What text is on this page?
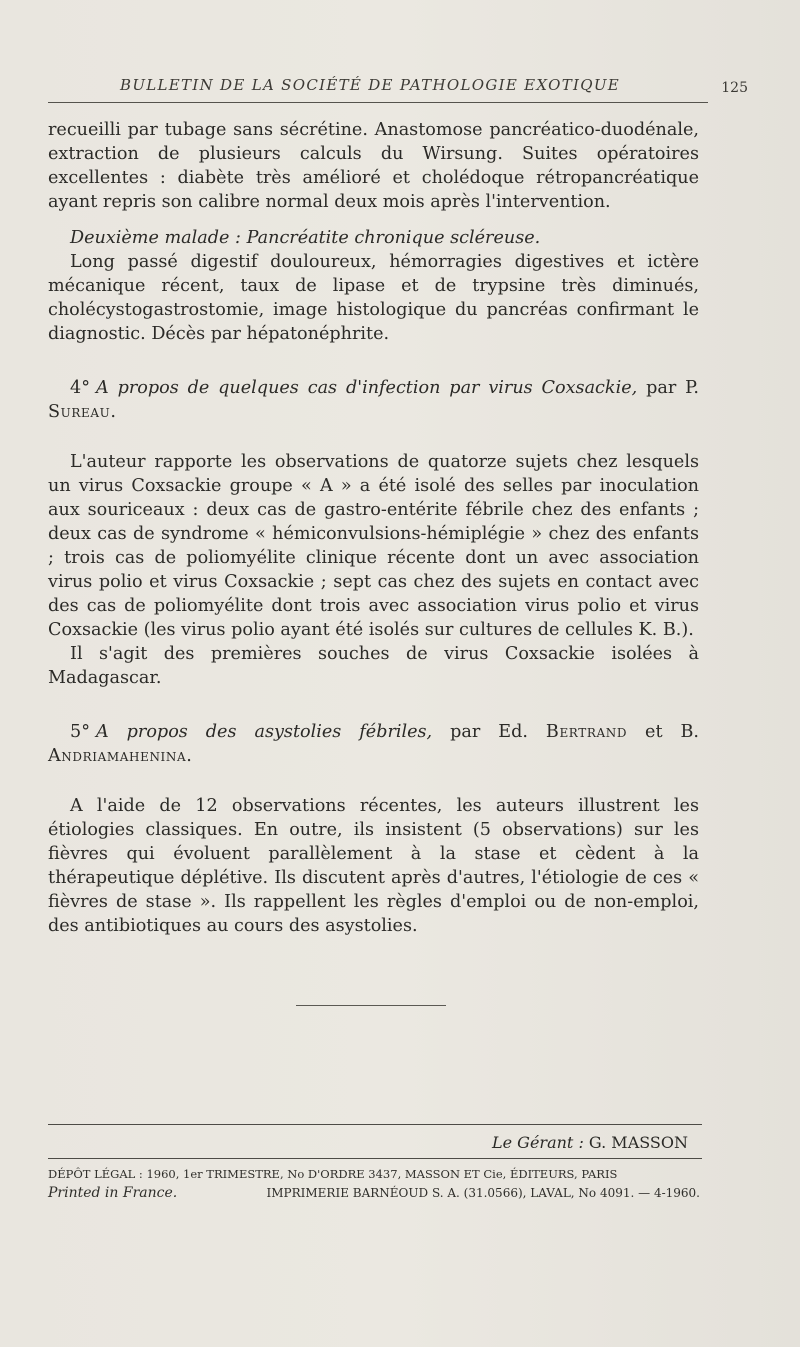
BULLETIN DE LA SOCIÉTÉ DE PATHOLOGIE EXOTIQUE	125

recueilli par tubage sans sécrétine. Anastomose pancréatico-duodénale, extraction de plusieurs calculs du Wirsung. Suites opératoires excellentes : diabète très amélioré et cholédoque rétropancréatique ayant repris son calibre normal deux mois après l'intervention.

Deuxième malade : Pancréatite chronique scléreuse.

Long passé digestif douloureux, hémorragies digestives et ictère mécanique récent, taux de lipase et de trypsine très diminués, cholécystogastrostomie, image histologique du pancréas confirmant le diagnostic. Décès par hépatonéphrite.

4° A propos de quelques cas d'infection par virus Coxsackie, par P. Sureau.

L'auteur rapporte les observations de quatorze sujets chez lesquels un virus Coxsackie groupe « A » a été isolé des selles par inoculation aux souriceaux : deux cas de gastro-entérite fébrile chez des enfants ; deux cas de syndrome « hémiconvulsions-hémiplégie » chez des enfants ; trois cas de poliomyélite clinique récente dont un avec association virus polio et virus Coxsackie ; sept cas chez des sujets en contact avec des cas de poliomyélite dont trois avec association virus polio et virus Coxsackie (les virus polio ayant été isolés sur cultures de cellules K. B.).

Il s'agit des premières souches de virus Coxsackie isolées à Madagascar.

5° A propos des asystolies fébriles, par Ed. Bertrand et B. Andriamahenina.

A l'aide de 12 observations récentes, les auteurs illustrent les étiologies classiques. En outre, ils insistent (5 observations) sur les fièvres qui évoluent parallèlement à la stase et cèdent à la thérapeutique déplétive. Ils discutent après d'autres, l'étiologie de ces « fièvres de stase ». Ils rappellent les règles d'emploi ou de non-emploi, des antibiotiques au cours des asystolies.

Le Gérant : G. MASSON
DÉPÔT LÉGAL : 1960, 1er TRIMESTRE, No D'ORDRE 3437, MASSON ET Cie, ÉDITEURS, PARIS
Printed in France.	IMPRIMERIE BARNÉOUD S. A. (31.0566), LAVAL, No 4091. — 4-1960.
